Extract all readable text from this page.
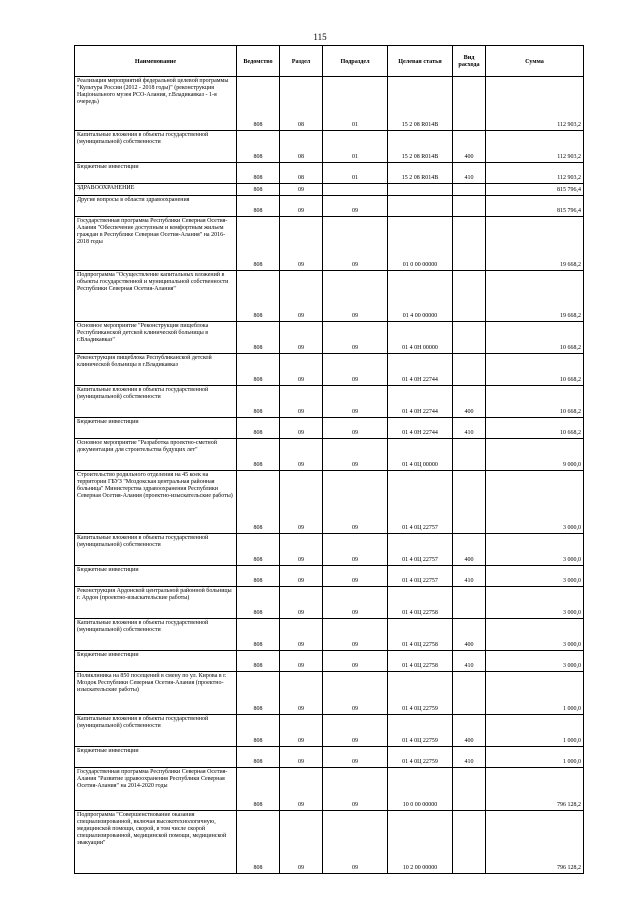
115
Наименование	Ведомство	Раздел	Подраздел	Целевая статья	Вид расхода	Сумма
Реализация мероприятий федеральной целевой программы "Культура России (2012 - 2018 годы)" (реконструкция Національного музея РСО-Алания, г.Владикавказ - 1-я очередь)	808	08	01	15 2 08 R014B		112 903,2
Капитальные вложения в объекты государственной (муниципальной) собственности	808	08	01	15 2 08 R014B	400	112 903,2
Бюджетные инвестиции	808	08	01	15 2 08 R014B	410	112 903,2
ЗДРАВООХРАНЕНИЕ	808	09				815 796,4
Другие вопросы в области здравоохранения	808	09	09			815 796,4
Государственная программа Республики Северная Осетия-Алания "Обеспечение доступным и комфортным жильем граждан в Республике Северная Осетия-Алания" на 2016-2018 годы	808	09	09	01 0 00 00000		19 668,2
Подпрограмма "Осуществление капитальных вложений в объекты государственной и муниципальной собственности Республики Северная Осетия-Алания"	808	09	09	01 4 00 00000		19 668,2
Основное мероприятие "Реконструкция пищеблока Республиканской детской клинической больницы в г.Владикавказ"	808	09	09	01 4 0Н 00000		10 668,2
Реконструкция пищеблока Республиканской детской клинической больницы в г.Владикавказ	808	09	09	01 4 0Н 22744		10 668,2
Капитальные вложения в объекты государственной (муниципальной) собственности	808	09	09	01 4 0Н 22744	400	10 668,2
Бюджетные инвестиции	808	09	09	01 4 0Н 22744	410	10 668,2
Основное мероприятие "Разработка проектно-сметной документации для строительства будущих лет"	808	09	09	01 4 0Ц 00000		9 000,0
Строительство родильного отделения на 45 коек на территории ГБУЗ "Моздокская центральная районная больница" Министерства здравоохранения Республики Северная Осетия-Алания (проектно-изыскательские работы)	808	09	09	01 4 0Ц 22757		3 000,0
Капитальные вложения в объекты государственной (муниципальной) собственности	808	09	09	01 4 0Ц 22757	400	3 000,0
Бюджетные инвестиции	808	09	09	01 4 0Ц 22757	410	3 000,0
Реконструкция Ардонской центральной районной больницы г. Ардон (проектно-изыскательские работы)	808	09	09	01 4 0Ц 22758		3 000,0
Капитальные вложения в объекты государственной (муниципальной) собственности	808	09	09	01 4 0Ц 22758	400	3 000,0
Бюджетные инвестиции	808	09	09	01 4 0Ц 22758	410	3 000,0
Поликлиника на 850 посещений в смену по ул. Кирова в г. Моздок Республики Северная Осетия-Алания (проектно-изыскательские работы)	808	09	09	01 4 0Ц 22759		1 000,0
Капитальные вложения в объекты государственной (муниципальной) собственности	808	09	09	01 4 0Ц 22759	400	1 000,0
Бюджетные инвестиции	808	09	09	01 4 0Ц 22759	410	1 000,0
Государственная программа Республики Северная Осетия-Алания "Развитие здравоохранения Республики Северная Осетия-Алания" на 2014-2020 годы	808	09	09	10 0 00 00000		796 128,2
Подпрограмма "Совершенствование оказания специализированной, включая высокотехнологичную, медицинской помощи, скорой, в том числе скорой специализированной, медицинской помощи, медицинской эвакуации"	808	09	09	10 2 00 00000		796 128,2
